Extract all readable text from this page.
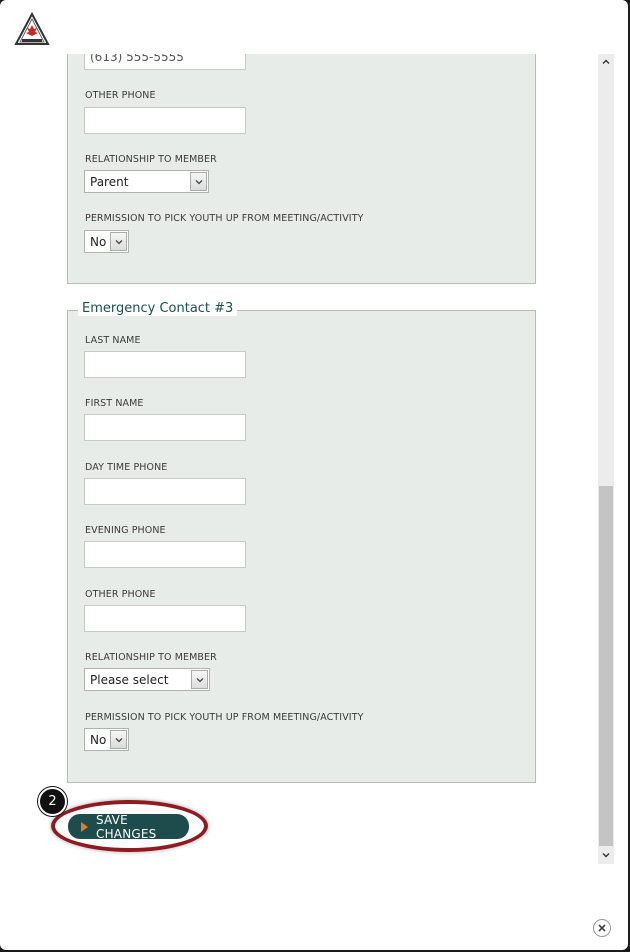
(613) 555-5555
OTHER PHONE
RELATIONSHIP TO MEMBER
Parent
PERMISSION TO PICK YOUTH UP FROM MEETING/ACTIVITY
No
Emergency Contact #3
LAST NAME
FIRST NAME
DAY TIME PHONE
EVENING PHONE
OTHER PHONE
RELATIONSHIP TO MEMBER
Please select
PERMISSION TO PICK YOUTH UP FROM MEETING/ACTIVITY
No
SAVE CHANGES
2
